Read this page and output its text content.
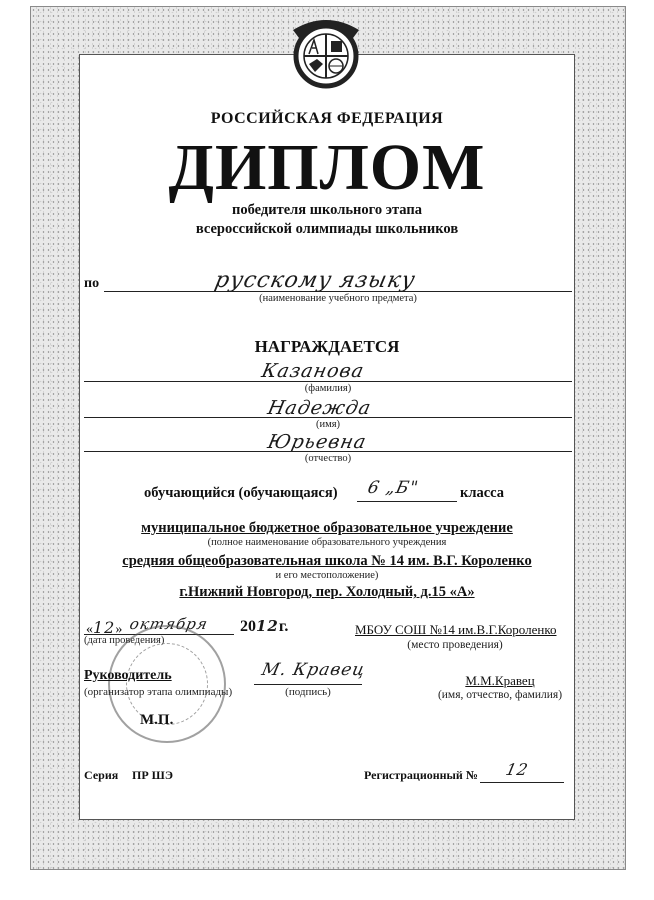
РОССИЙСКАЯ ФЕДЕРАЦИЯ
ДИПЛОМ
победителя школьного этапа
всероссийской олимпиады школьников
по	русскому языку
(наименование учебного предмета)
НАГРАЖДАЕТСЯ
Казанова
(фамилия)
Надежда
(имя)
Юрьевна
(отчество)
обучающийся (обучающаяся) 6 „Б"	класса
муниципальное бюджетное образовательное учреждение
(полное наименование образовательного учреждения
средняя общеобразовательная школа № 14 им. В.Г. Короленко
и его местоположение)
г.Нижний Новгород, пер. Холодный, д.15 «А»
«12» октября 2012г.
(дата проведения)
МБОУ СОШ №14 им.В.Г.Короленко
(место проведения)
Руководитель
(организатор этапа олимпиады)
М. Кравец
(подпись)
М.М.Кравец
(имя, отчество, фамилия)
М.П.
Серия ПР ШЭ	Регистрационный № 12
